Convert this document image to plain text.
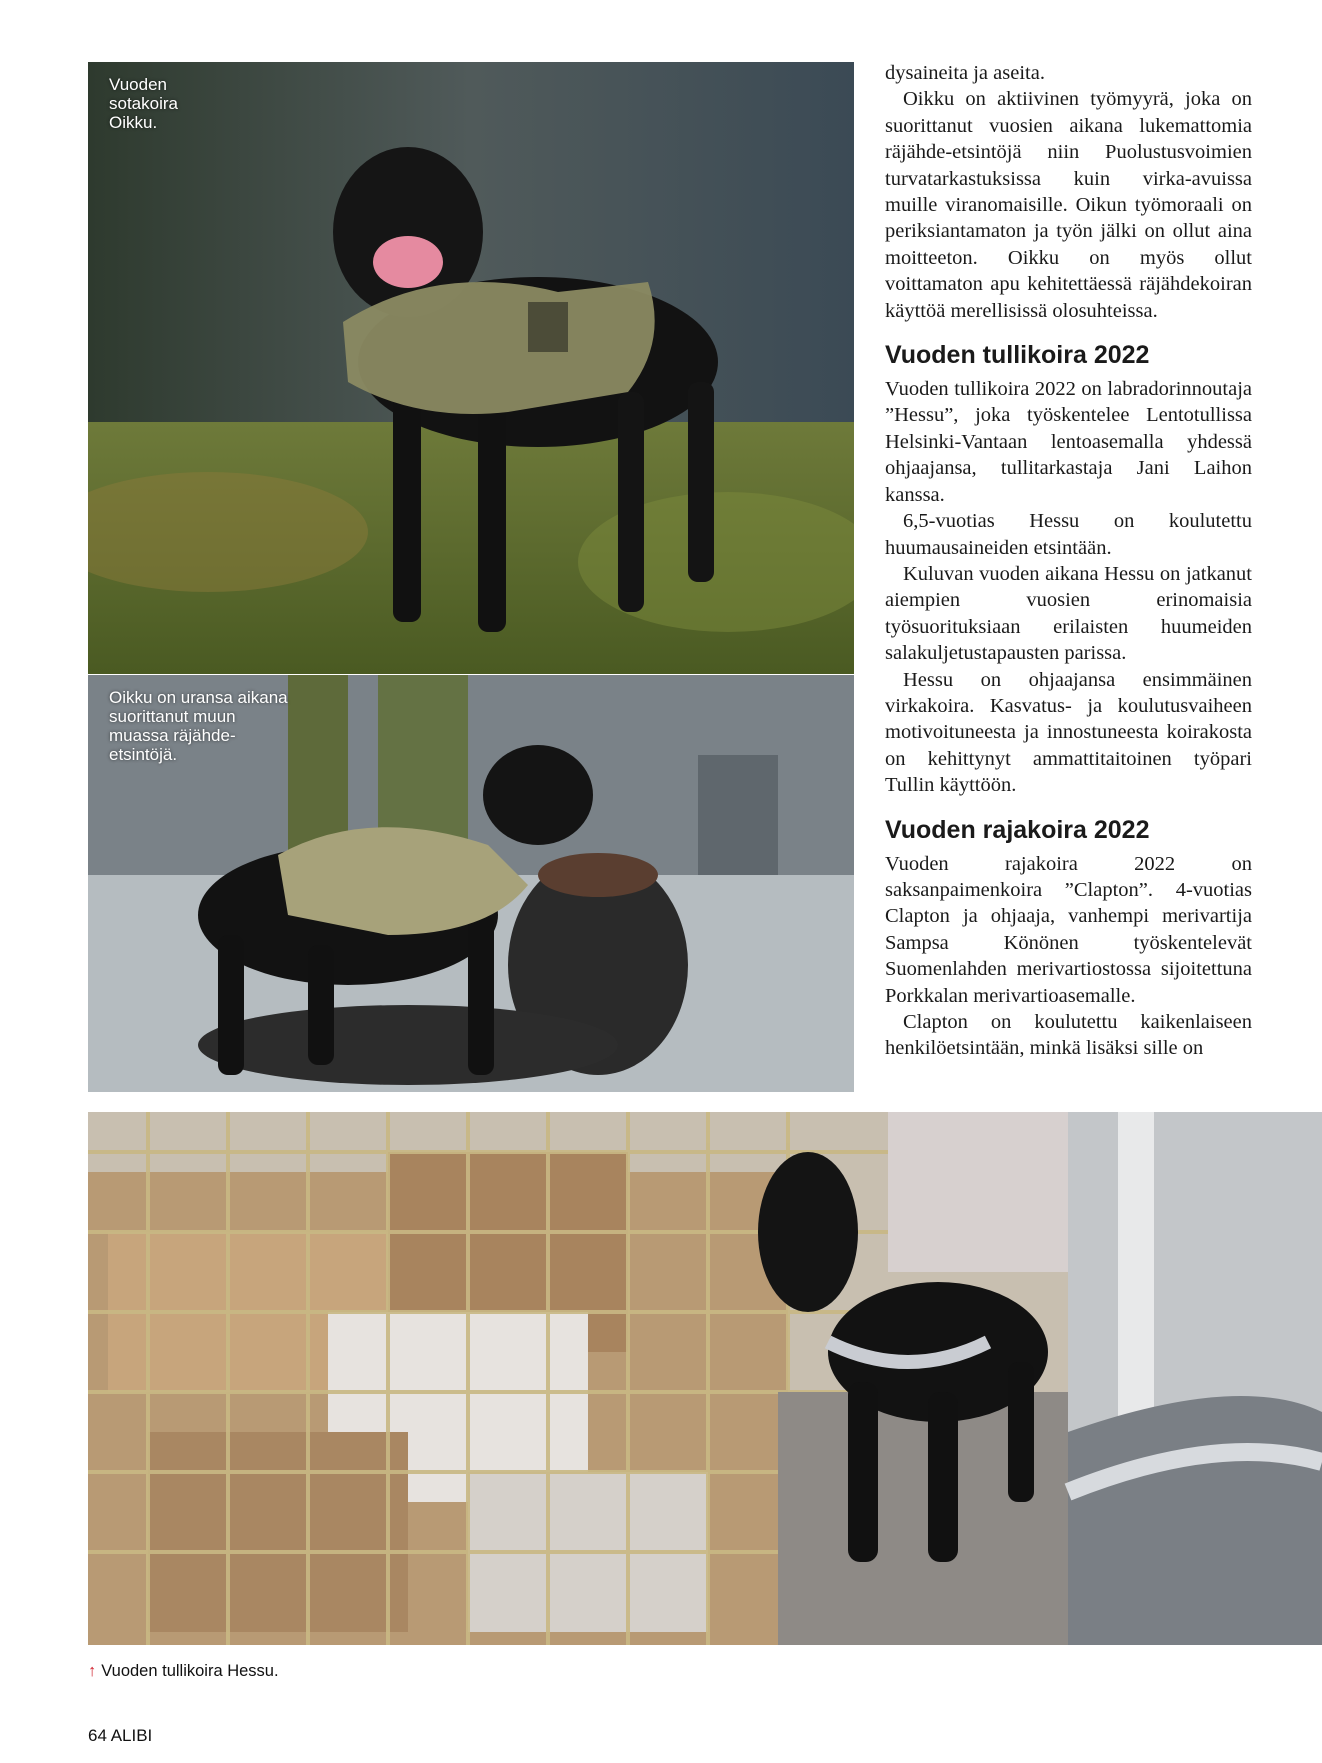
Vuoden sotakoira Oikku.
Oikku on uransa aikana suorittanut muun muassa räjähde-etsintöjä.

dysaineita ja aseita.

Oikku on aktiivinen työmyyrä, joka on suorittanut vuosien aikana lukemattomia räjähde-etsintöjä niin Puolustusvoimien turvatarkastuksissa kuin virka-avuissa muille viranomaisille. Oikun työmoraali on periksiantamaton ja työn jälki on ollut aina moitteeton. Oikku on myös ollut voittamaton apu kehitettäessä räjähdekoiran käyttöä merellisissä olosuhteissa.

Vuoden tullikoira 2022

Vuoden tullikoira 2022 on labradorinnoutaja ”Hessu”, joka työskentelee Lentotullissa Helsinki-Vantaan lentoasemalla yhdessä ohjaajansa, tullitarkastaja Jani Laihon kanssa.

6,5-vuotias Hessu on koulutettu huumausaineiden etsintään.

Kuluvan vuoden aikana Hessu on jatkanut aiempien vuosien erinomaisia työsuorituksiaan erilaisten huumeiden salakuljetustapausten parissa.

Hessu on ohjaajansa ensimmäinen virkakoira. Kasvatus- ja koulutusvaiheen motivoituneesta ja innostuneesta koirakosta on kehittynyt ammattitaitoinen työpari Tullin käyttöön.

Vuoden rajakoira 2022

Vuoden rajakoira 2022 on saksanpaimenkoira ”Clapton”. 4-vuotias Clapton ja ohjaaja, vanhempi merivartija Sampsa Könönen työskentelevät Suomenlahden merivartiostossa sijoitettuna Porkkalan merivartioasemalle.

Clapton on koulutettu kaikenlaiseen henkilöetsintään, minkä lisäksi sille on

↑ Vuoden tullikoira Hessu.
64 ALIBI
